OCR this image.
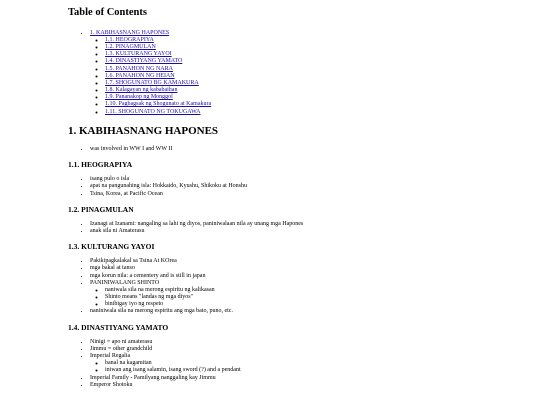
Table of Contents
• 1. KABIHASNANG HAPONES
◦ 1.1. HEOGRAPIYA
◦ 1.2. PINAGMULAN
◦ 1.3. KULTURANG YAYOI
◦ 1.4. DINASTIYANG YAMATO
◦ 1.5. PANAHON NG NARA
◦ 1.6. PANAHON NG HEIAN
◦ 1.7. SHOGUNATO BG KAMAKURA
◦ 1.8. Kalagayan ng kababaihan
◦ 1.9. Pananakop ng Monggol
◦ 1.10. Pagbagsak ng Shogunato at Kamakura
◦ 1.11. SHOGUNATO NG TOKUGAWA
1. KABIHASNANG HAPONES
• was involved in WW I and WW II
1.1. HEOGRAPIYA
• isang pulo o isla
• apat na pangunahing isla: Hokkaido, Kyushu, Shikoku at Honshu
• Tsina, Korea, at Pacific Ocean
1.2. PINAGMULAN
• Izanagi at Izanami: nangaling sa lahi ng diyos, paniniwalaan nila ay unang mga Hapones
• anak sila ni Amaterasu
1.3. KULTURANG YAYOI
• Pakikipagkalakal sa Tsina At KOrea
• mga bakal at tanso
• mga korun nila: a cementery and is still in japan
• PANINIWALANG SHINTO
◦ naniwala sila na merong espiritu ng kalikasan
◦ Shinto means "landas ng mga diyos"
◦ binibigay iyo ng respeto
• naniniwala sila na merong espiritu ang mga bato, puno, etc.
1.4. DINASTIYANG YAMATO
• Ninigi = apo ni amaterasu
• Jimmu = other grandchild
• Imperial Regalia
◦ banal na kagamitan
◦ iniwan ang isang salamin, isang sword (?) and a pendant
• Imperial Family - Pamilyang nanggaling kay Jimmu
• Emperor Shotoku
